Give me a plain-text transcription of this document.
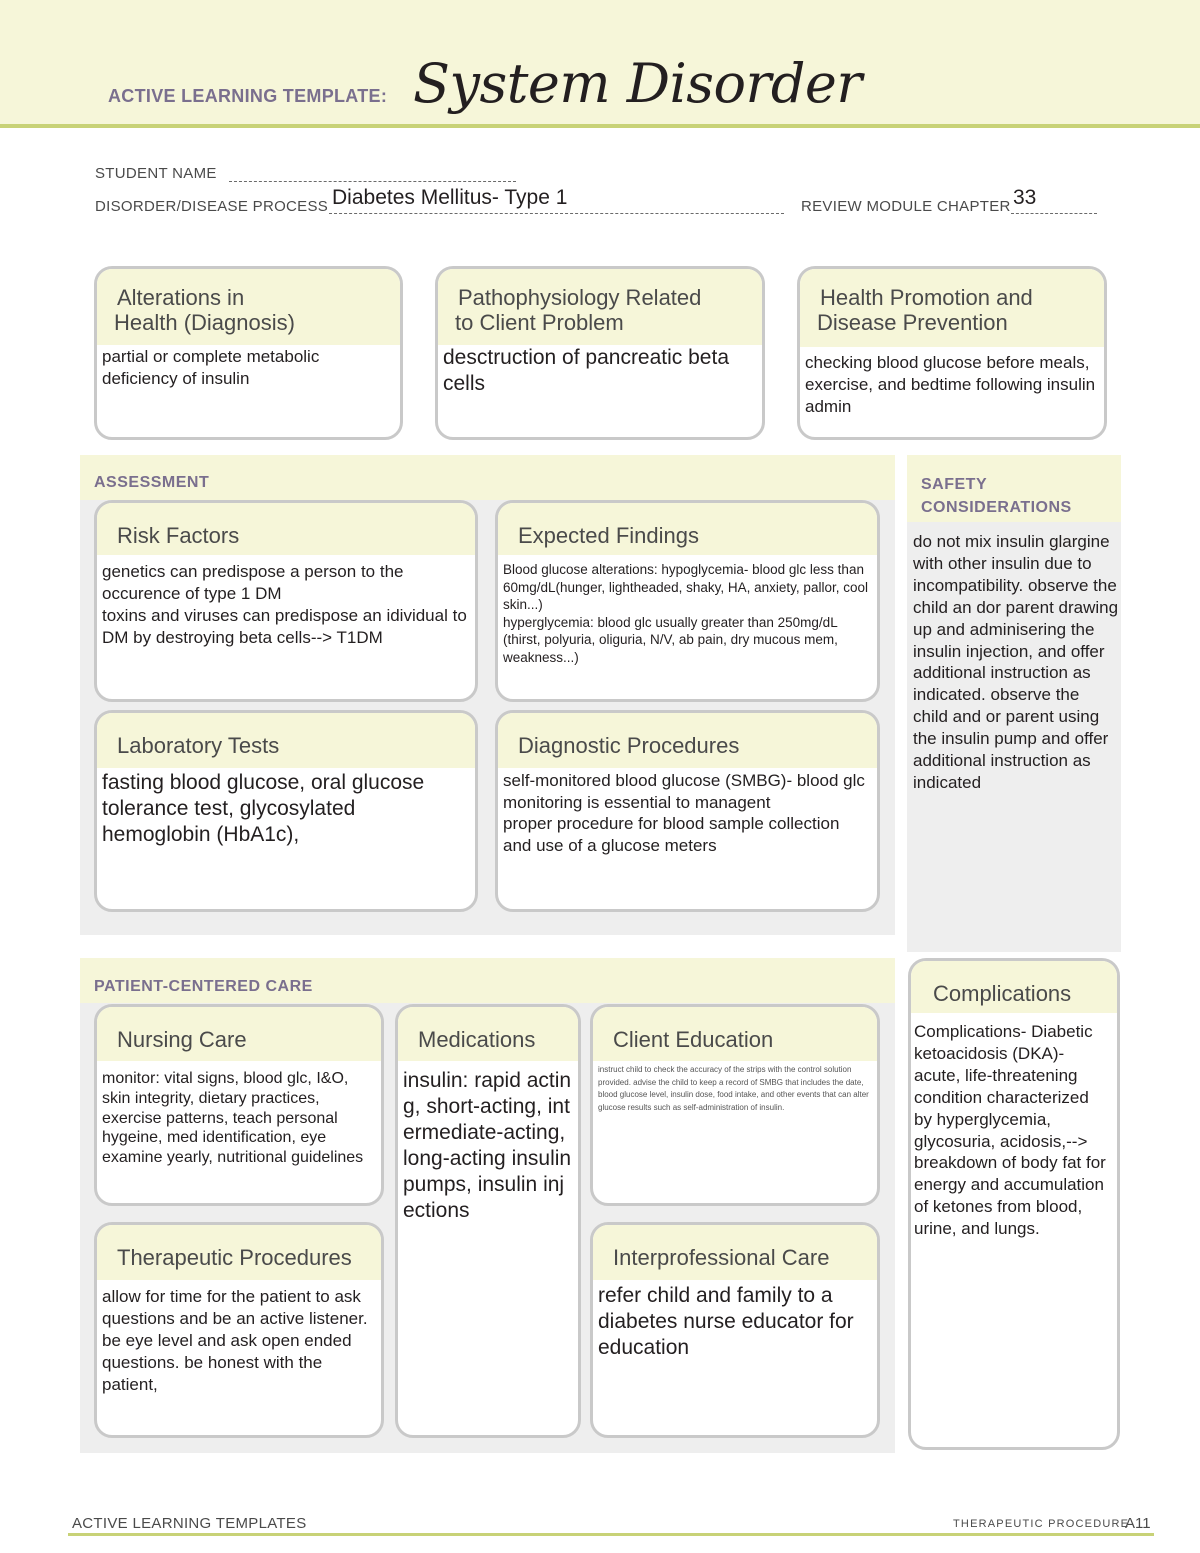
ACTIVE LEARNING TEMPLATE: System Disorder
STUDENT NAME
DISORDER/DISEASE PROCESS Diabetes Mellitus- Type 1	REVIEW MODULE CHAPTER 33
Alterations in
Health (Diagnosis)
partial or complete metabolic deficiency of insulin
Pathophysiology Related
to Client Problem
desctruction of pancreatic beta cells
Health Promotion and
Disease Prevention
checking blood glucose before meals, exercise, and bedtime following insulin admin
ASSESSMENT
Risk Factors
genetics can predispose a person to the occurence of type 1 DM
toxins and viruses can predispose an idividual to DM by destroying beta cells--> T1DM
Expected Findings
Blood glucose alterations: hypoglycemia- blood glc less than 60mg/dL(hunger, lightheaded, shaky, HA, anxiety, pallor, cool skin...)
hyperglycemia: blood glc usually greater than 250mg/dL (thirst, polyuria, oliguria, N/V, ab pain, dry mucous mem, weakness...)
Laboratory Tests
fasting blood glucose, oral glucose tolerance test, glycosylated hemoglobin (HbA1c),
Diagnostic Procedures
self-monitored blood glucose (SMBG)- blood glc monitoring is essential to managent
proper procedure for blood sample collection and use of a glucose meters
SAFETY
CONSIDERATIONS
do not mix insulin glargine with other insulin due to incompatibility. observe the child an dor parent drawing up and adminisering the insulin injection, and offer additional instruction as indicated. observe the child and or parent using the insulin pump and offer additional instruction as indicated
PATIENT-CENTERED CARE
Nursing Care
monitor: vital signs, blood glc, I&O, skin integrity, dietary practices, exercise patterns, teach personal hygeine, med identification, eye examine yearly, nutritional guidelines
Medications
insulin: rapid acting, short-acting, intermediate-acting, long-acting insulin pumps, insulin injections
Client Education
instruct child to check the accuracy of the strips with the control solution provided. advise the child to keep a record of SMBG that includes the date, blood glucose level, insulin dose, food intake, and other events that can alter glucose results such as self-administration of insulin.
Therapeutic Procedures
allow for time for the patient to ask questions and be an active listener. be eye level and ask open ended questions. be honest with the patient,
Interprofessional Care
refer child and family to a diabetes nurse educator for education
Complications
Complications- Diabetic ketoacidosis (DKA)- acute, life-threatening condition characterized by hyperglycemia, glycosuria, acidosis,--> breakdown of body fat for energy and accumulation of ketones from blood, urine, and lungs.
ACTIVE LEARNING TEMPLATES	THERAPEUTIC PROCEDURE
A11
